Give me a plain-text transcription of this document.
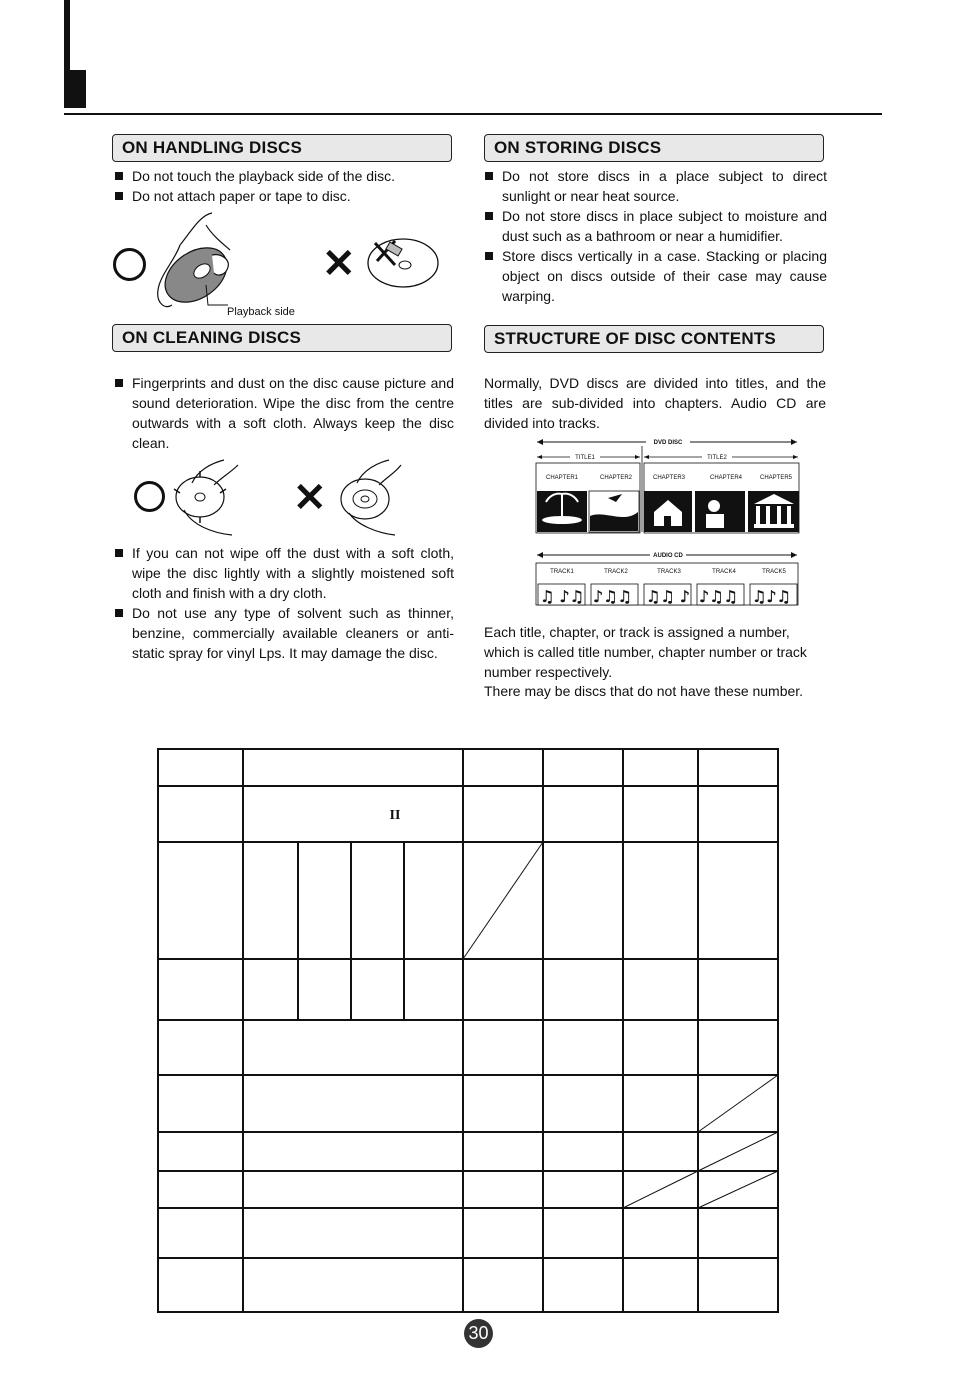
ON HANDLING DISCS
Do not touch the playback side of the disc.
Do not attach paper or tape to disc.
Playback side
✕
ON STORING DISCS
Do not store discs in a place subject to direct sunlight or near heat source.
Do not store discs in place subject to moisture and dust such as a bathroom or near a humidifier.
Store discs vertically in a case. Stacking or placing object on discs outside of their case may cause warping.
ON CLEANING DISCS
Fingerprints and dust on the disc cause picture and sound deterioration. Wipe the disc from the centre outwards with a soft cloth. Always keep the disc clean.
✕
If you can not wipe off the dust with a soft cloth, wipe the disc lightly with a slightly moistened soft cloth and finish with a dry cloth.
Do not use any type of solvent such as thinner, benzine, commercially available cleaners or anti-static spray for vinyl Lps. It may damage the disc.
STRUCTURE OF DISC CONTENTS
Normally, DVD discs are divided into titles, and the titles are sub-divided into chapters. Audio CD are divided into tracks.
DVD DISC
TITLE1	TITLE2
CHAPTER1	CHAPTER2	CHAPTER3	CHAPTER4	CHAPTER5
AUDIO CD
TRACK1	TRACK2	TRACK3	TRACK4	TRACK5
♫ ♪♫ ♪♫♫ ♫♫ ♪ ♪♫♫ ♫♪♫
Each title, chapter, or track is assigned a number, which is called title number, chapter number or track number respectively.
There may be discs that do not have these number.
II
30
